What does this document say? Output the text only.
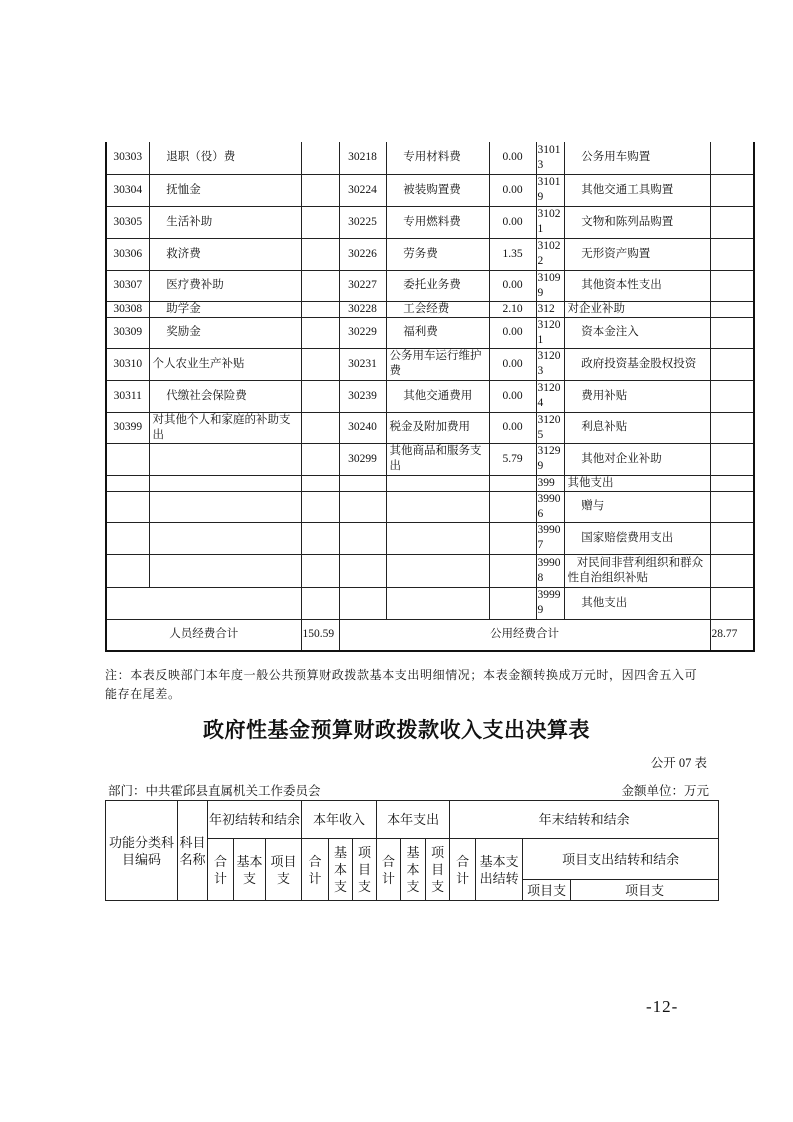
30303	退职（役）费		30218	专用材料费	0.00	31013	公务用车购置	
30304	抚恤金		30224	被装购置费	0.00	31019	其他交通工具购置	
30305	生活补助		30225	专用燃料费	0.00	31021	文物和陈列品购置	
30306	救济费		30226	劳务费	1.35	31022	无形资产购置	
30307	医疗费补助		30227	委托业务费	0.00	31099	其他资本性支出	
30308	助学金		30228	工会经费	2.10	312	对企业补助	
30309	奖励金		30229	福利费	0.00	31201	资本金注入	
30310	个人农业生产补贴		30231	公务用车运行维护费	0.00	31203	政府投资基金股权投资	
30311	代缴社会保险费		30239	其他交通费用	0.00	31204	费用补贴	
30399	对其他个人和家庭的补助支出		30240	税金及附加费用	0.00	31205	利息补贴	
			30299	其他商品和服务支出	5.79	31299	其他对企业补助	
						399	其他支出	
						39906	赠与	
						39907	国家赔偿费用支出	
						39908	对民间非营利组织和群众性自治组织补贴	
						39999	其他支出	
人员经费合计		150.59	公用经费合计					28.77
注：本表反映部门本年度一般公共预算财政拨款基本支出明细情况；本表金额转换成万元时，因四舍五入可能存在尾差。
政府性基金预算财政拨款收入支出决算表
公开 07 表
部门：中共霍邱县直属机关工作委员会	金额单位：万元
功能分类科目编码	科目名称	年初结转和结余			本年收入			本年支出			年末结转和结余			
		合计	基本支	项目支	合计	基本支	项目支	合计	基本支	项目支	合计	基本支出结转	项目支出结转和结余	
													项目支	项目支
-12-
